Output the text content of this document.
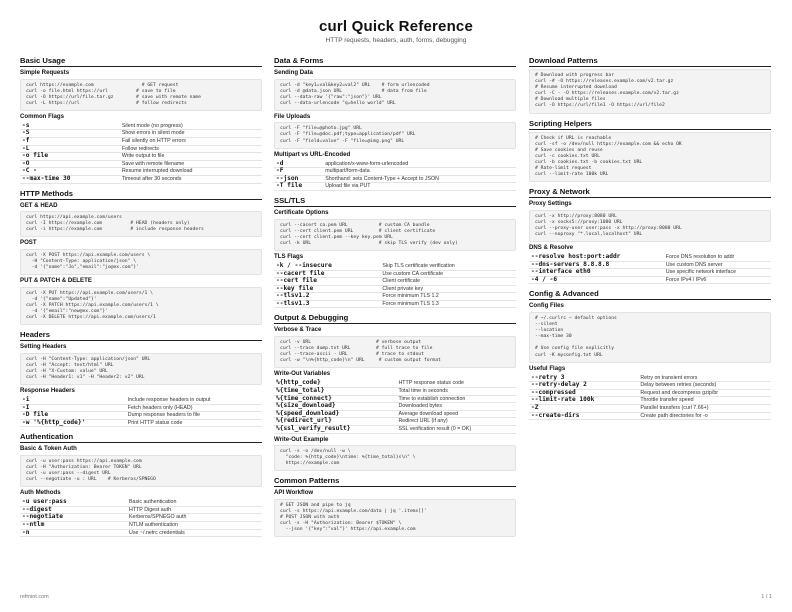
curl Quick Reference
HTTP requests, headers, auth, forms, debugging
Basic Usage
Simple Requests
curl https://example.com                 # GET request
curl -o file.html https://url          # save to file
curl -O https://url/file.tar.gz        # save with remote name
curl -L https://url                    # follow redirects
Common Flags
-s	Silent mode (no progress)
-S	Show errors in silent mode
-f	Fail silently on HTTP errors
-L	Follow redirects
-o file	Write output to file
-O	Save with remote filename
-C -	Resume interrupted download
--max-time 30	Timeout after 30 seconds
HTTP Methods
GET & HEAD
curl https://api.example.com/users
curl -I https://example.com          # HEAD (headers only)
curl -i https://example.com          # include response headers
POST
curl -X POST https://api.example.com/users \
-H "Content-Type: application/json" \
-d '{"name":"Jo","email":"jo@ex.com"}'
PUT & PATCH & DELETE
curl -X PUT https://api.example.com/users/1 \
-d '{"name":"Updated"}'
curl -X PATCH https://api.example.com/users/1 \
-d '{"email":"new@ex.com"}'
curl -X DELETE https://api.example.com/users/1
Headers
Setting Headers
curl -H "Content-Type: application/json" URL
curl -H "Accept: text/html" URL
curl -H "X-Custom: value" URL
curl -H "Header1: v1" -H "Header2: v2" URL
Response Headers
-i	Include response headers in output
-I	Fetch headers only (HEAD)
-D file	Dump response headers to file
-w '%{http_code}'	Print HTTP status code
Authentication
Basic & Token Auth
curl -u user:pass https://api.example.com
curl -H "Authorization: Bearer TOKEN" URL
curl -u user:pass --digest URL
curl --negotiate -u : URL    # Kerberos/SPNEGO
Auth Methods
-u user:pass	Basic authentication
--digest	HTTP Digest auth
--negotiate	Kerberos/SPNEGO auth
--ntlm	NTLM authentication
-n	Use ~/.netrc credentials
Data & Forms
Sending Data
curl -d "key1=val&key2=val2" URL    # form urlencoded
curl -d @data.json URL              # data from file
curl --data-raw '{"raw":"json"}' URL
curl --data-urlencode "q=hello world" URL
File Uploads
curl -F "file=@photo.jpg" URL
curl -F "file=@doc.pdf;type=application/pdf" URL
curl -F "field=value" -F "file=@img.png" URL
Multipart vs URL-Encoded
-d	application/x-www-form-urlencoded
-F	multipart/form-data
--json	Shorthand: sets Content-Type + Accept to JSON
-T file	Upload file via PUT
SSL/TLS
Certificate Options
curl --cacert ca.pem URL           # custom CA bundle
curl --cert client.pem URL         # client certificate
curl --cert client.pem --key key.pem URL
curl -k URL                        # skip TLS verify (dev only)
TLS Flags
-k / --insecure	Skip TLS certificate verification
--cacert file	Use custom CA certificate
--cert file	Client certificate
--key file	Client private key
--tlsv1.2	Force minimum TLS 1.2
--tlsv1.3	Force minimum TLS 1.3
Output & Debugging
Verbose & Trace
curl -v URL                       # verbose output
curl --trace dump.txt URL         # full trace to file
curl --trace-ascii - URL          # trace to stdout
curl -w "\n%{http_code}\n" URL     # custom output format
Write-Out Variables
%{http_code}	HTTP response status code
%{time_total}	Total time in seconds
%{time_connect}	Time to establish connection
%{size_download}	Downloaded bytes
%{speed_download}	Average download speed
%{redirect_url}	Redirect URL (if any)
%{ssl_verify_result}	SSL verification result (0 = OK)
Write-Out Example
curl -s -o /dev/null -w \
"code: %{http_code}\ntime: %{time_total}s\n" \
https://example.com
Common Patterns
API Workflow
# GET JSON and pipe to jq
curl -s https://api.example.com/data | jq '.items[]'
# POST JSON with auth
curl -s -H "Authorization: Bearer $TOKEN" \
--json '{"key":"val"}' https://api.example.com
Download Patterns
# Download with progress bar
curl -# -O https://releases.example.com/v2.tar.gz
# Resume interrupted download
curl -C - -O https://releases.example.com/v2.tar.gz
# Download multiple files
curl -O https://url/file1 -O https://url/file2
Scripting Helpers
# Check if URL is reachable
curl -sf -o /dev/null https://example.com && echo OK
# Save cookies and reuse
curl -c cookies.txt URL
curl -b cookies.txt -b cookies.txt URL
# Rate-limit request
curl --limit-rate 100k URL
Proxy & Network
Proxy Settings
curl -x http://proxy:8080 URL
curl -x socks5://proxy:1080 URL
curl --proxy-user user:pass -x http://proxy:8080 URL
curl --noproxy "*.local,localhost" URL
DNS & Resolve
--resolve host:port:addr	Force DNS resolution to addr
--dns-servers 8.8.8.8	Use custom DNS server
--interface eth0	Use specific network interface
-4 / -6	Force IPv4 / IPv6
Config & Advanced
Config Files
# ~/.curlrc — default options
--silent
--location
--max-time 30

# Use config file explicitly
curl -K myconfig.txt URL
Useful Flags
--retry 3	Retry on transient errors
--retry-delay 2	Delay between retries (seconds)
--compressed	Request and decompress gzip/br
--limit-rate 100k	Throttle transfer speed
-Z	Parallel transfers (curl 7.66+)
--create-dirs	Create path directories for -o
refmint.com	1 / 1
